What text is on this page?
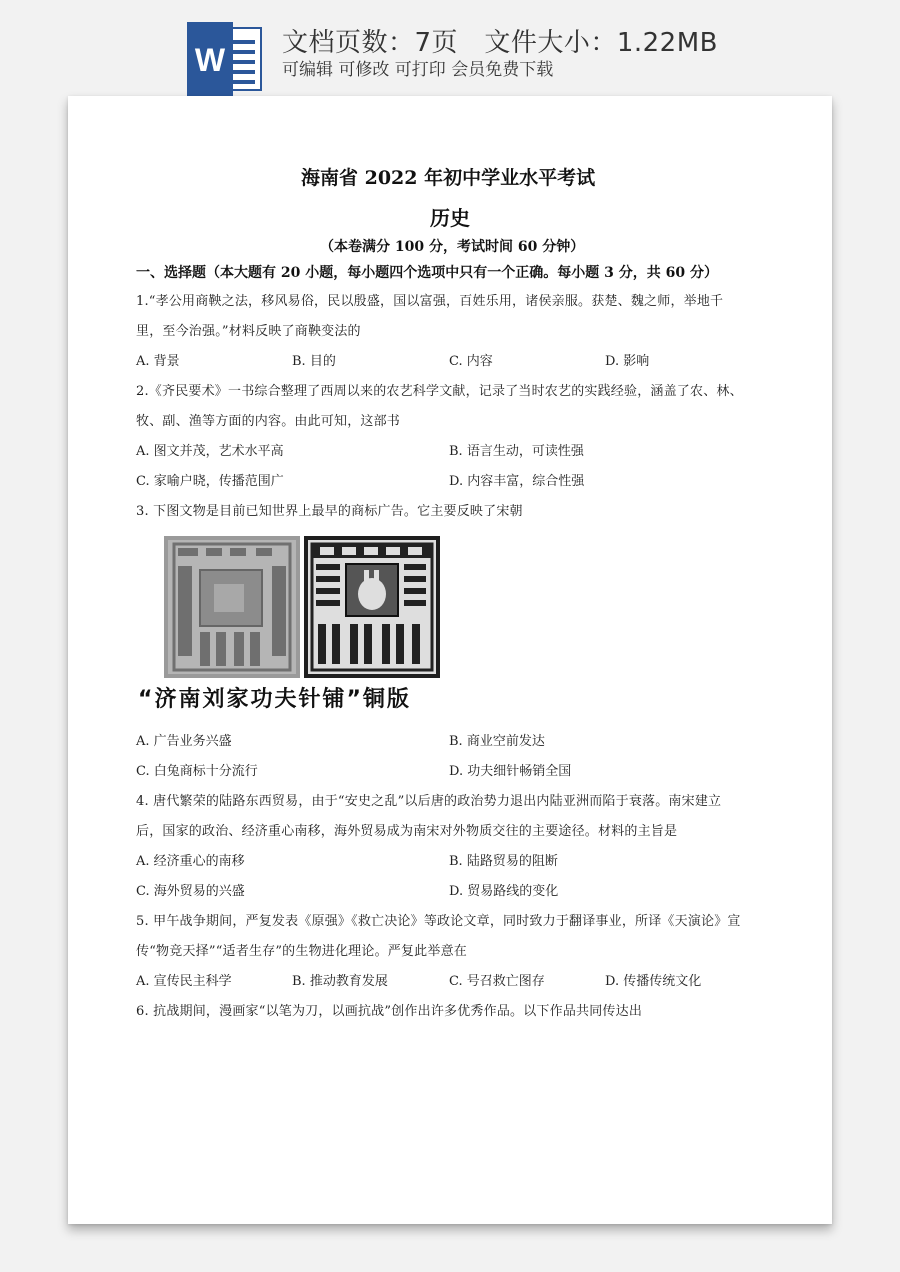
W 文档页数：7页   文件大小：1.22MB
可编辑 可修改 可打印 会员免费下载
海南省 2022 年初中学业水平考试
历史
（本卷满分 100 分，考试时间 60 分钟）
一、选择题（本大题有 20 小题，每小题四个选项中只有一个正确。每小题 3 分，共 60 分）
1.“孝公用商鞅之法，移风易俗，民以殷盛，国以富强，百姓乐用，诸侯亲服。获楚、魏之师，举地千
里，至今治强。”材料反映了商鞅变法的
A. 背景	B. 目的	C. 内容	D. 影响
2.《齐民要术》一书综合整理了西周以来的农艺科学文献，记录了当时农艺的实践经验，涵盖了农、林、
牧、副、渔等方面的内容。由此可知，这部书
A. 图文并茂，艺术水平高	B. 语言生动，可读性强
C. 家喻户晓，传播范围广	D. 内容丰富，综合性强
3. 下图文物是目前已知世界上最早的商标广告。它主要反映了宋朝
“济南刘家功夫针铺”铜版
A. 广告业务兴盛	B. 商业空前发达
C. 白兔商标十分流行	D. 功夫细针畅销全国
4. 唐代繁荣的陆路东西贸易，由于“安史之乱”以后唐的政治势力退出内陆亚洲而陷于衰落。南宋建立
后，国家的政治、经济重心南移，海外贸易成为南宋对外物质交往的主要途径。材料的主旨是
A. 经济重心的南移	B. 陆路贸易的阻断
C. 海外贸易的兴盛	D. 贸易路线的变化
5. 甲午战争期间，严复发表《原强》《救亡决论》等政论文章，同时致力于翻译事业，所译《天演论》宣
传“物竞天择”“适者生存”的生物进化理论。严复此举意在
A. 宣传民主科学	B. 推动教育发展	C. 号召救亡图存	D. 传播传统文化
6. 抗战期间，漫画家“以笔为刀，以画抗战”创作出许多优秀作品。以下作品共同传达出
